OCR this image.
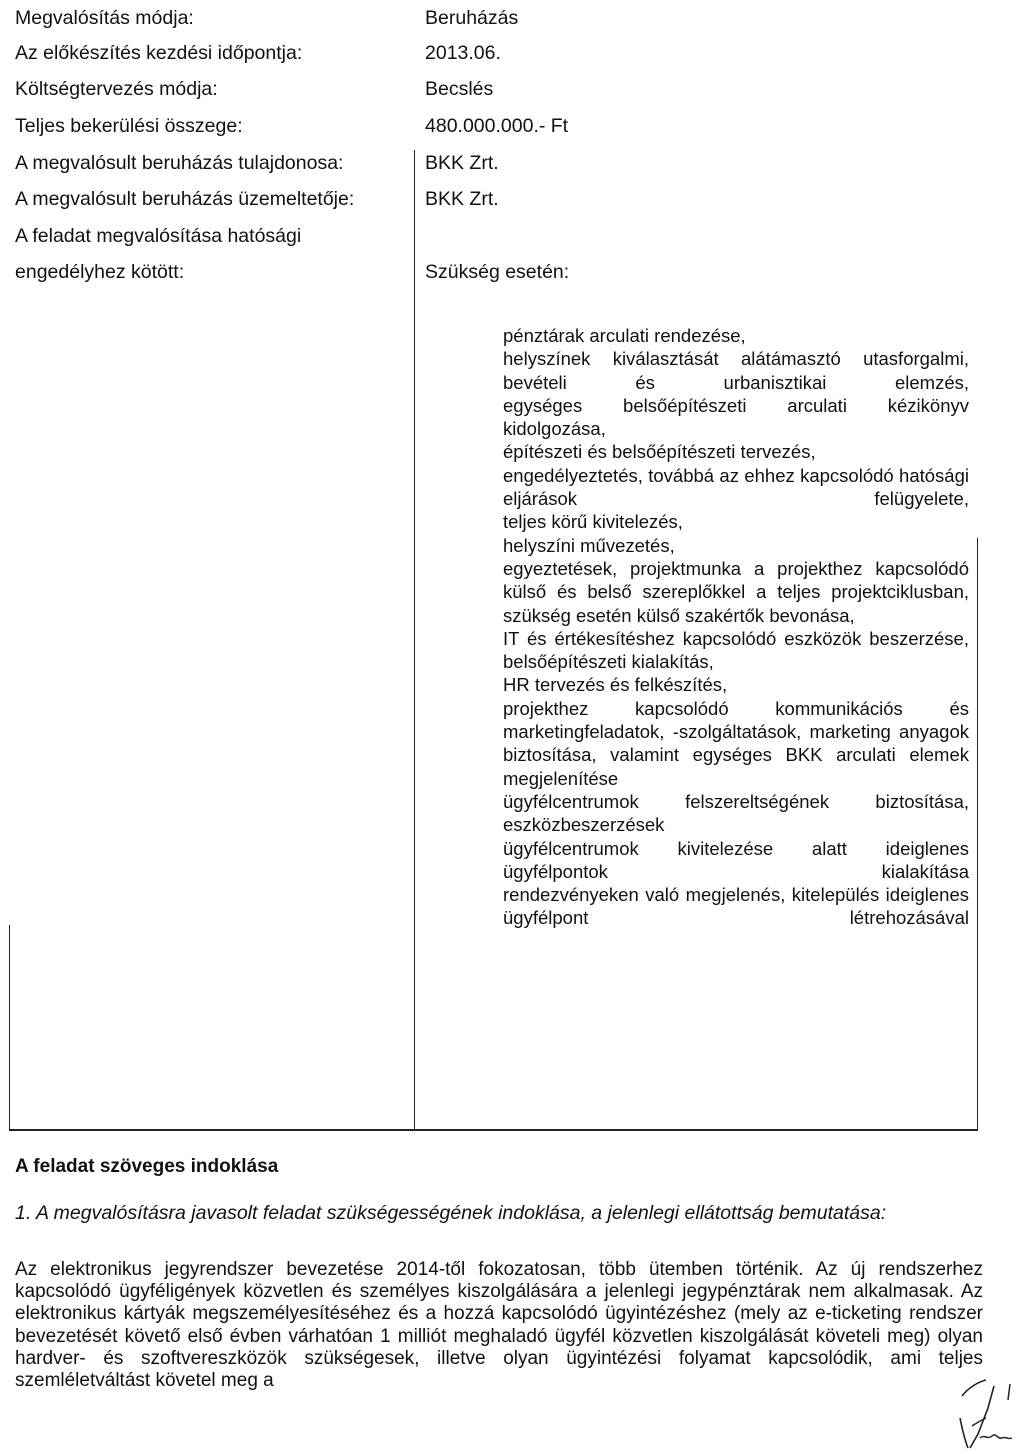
Megvalósítás módja:	Beruházás
Az előkészítés kezdési időpontja:	2013.06.
Költségtervezés módja:	Becslés
Teljes bekerülési összege:	480.000.000.- Ft
A megvalósult beruházás tulajdonosa:	BKK Zrt.
A megvalósult beruházás üzemeltetője:	BKK Zrt.
A feladat megvalósítása hatósági
engedélyhez kötött:	Szükség esetén:
pénztárak arculati rendezése,
helyszínek kiválasztását alátámasztó utasforgalmi, bevételi és urbanisztikai elemzés,
egységes belsőépítészeti arculati kézikönyv kidolgozása,
építészeti és belsőépítészeti tervezés,
engedélyeztetés, továbbá az ehhez kapcsolódó hatósági eljárások felügyelete,
teljes körű kivitelezés,
helyszíni művezetés,
egyeztetések, projektmunka a projekthez kapcsolódó külső és belső szereplőkkel a teljes projektciklusban,
szükség esetén külső szakértők bevonása,
IT és értékesítéshez kapcsolódó eszközök beszerzése,
belsőépítészeti kialakítás,
HR tervezés és felkészítés,
projekthez kapcsolódó kommunikációs és marketingfeladatok, -szolgáltatások, marketing anyagok biztosítása, valamint egységes BKK arculati elemek megjelenítése
ügyfélcentrumok felszereltségének biztosítása, eszközbeszerzések
ügyfélcentrumok kivitelezése alatt ideiglenes ügyfélpontok kialakítása
rendezvényeken való megjelenés, kitelepülés ideiglenes ügyfélpont létrehozásával
A feladat szöveges indoklása
1. A megvalósításra javasolt feladat szükségességének indoklása, a jelenlegi ellátottság bemutatása:
Az elektronikus jegyrendszer bevezetése 2014-től fokozatosan, több ütemben történik. Az új rendszerhez kapcsolódó ügyféligények közvetlen és személyes kiszolgálására a jelenlegi jegypénztárak nem alkalmasak. Az elektronikus kártyák megszemélyesítéséhez és a hozzá kapcsolódó ügyintézéshez (mely az e-ticketing rendszer bevezetését követő első évben várhatóan 1 milliót meghaladó ügyfél közvetlen kiszolgálását követeli meg) olyan hardver- és szoftvereszközök szükségesek, illetve olyan ügyintézési folyamat kapcsolódik, ami teljes szemléletváltást követel meg a
